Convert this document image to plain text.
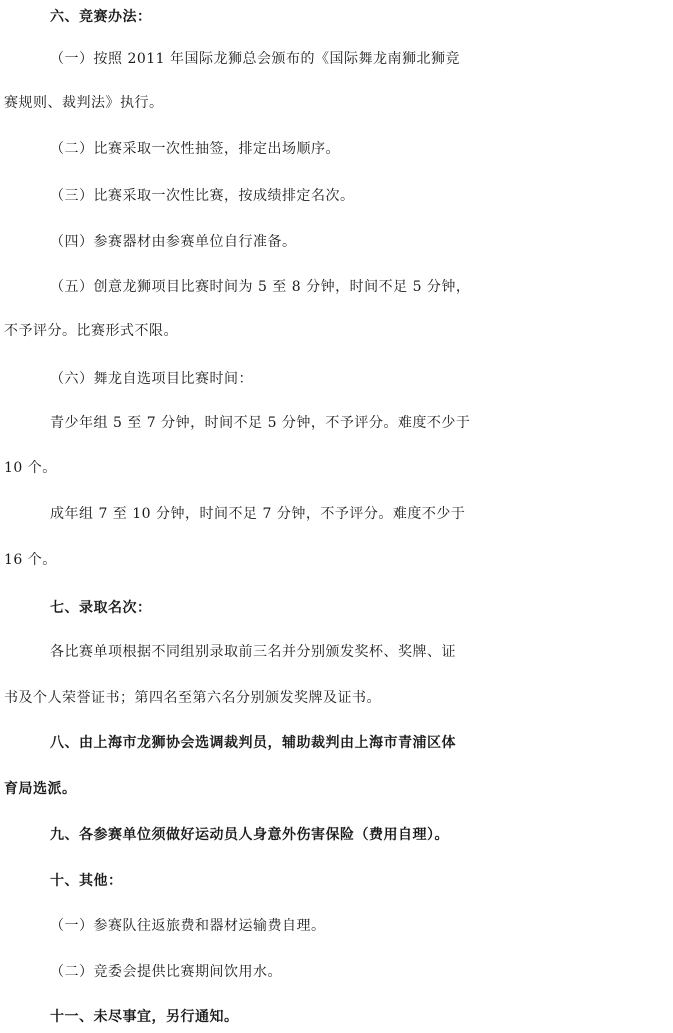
六、竞赛办法：
（一）按照 2011 年国际龙狮总会颁布的《国际舞龙南狮北狮竞
赛规则、裁判法》执行。
（二）比赛采取一次性抽签，排定出场顺序。
（三）比赛采取一次性比赛，按成绩排定名次。
（四）参赛器材由参赛单位自行准备。
（五）创意龙狮项目比赛时间为 5 至 8 分钟，时间不足 5 分钟，
不予评分。比赛形式不限。
（六）舞龙自选项目比赛时间：
青少年组 5 至 7 分钟，时间不足 5 分钟，不予评分。难度不少于
10 个。
成年组 7 至 10 分钟，时间不足 7 分钟，不予评分。难度不少于
16 个。
七、录取名次：
各比赛单项根据不同组别录取前三名并分别颁发奖杯、奖牌、证
书及个人荣誉证书；第四名至第六名分别颁发奖牌及证书。
八、由上海市龙狮协会选调裁判员，辅助裁判由上海市青浦区体
育局选派。
九、各参赛单位须做好运动员人身意外伤害保险（费用自理）。
十、其他：
（一）参赛队往返旅费和器材运输费自理。
（二）竞委会提供比赛期间饮用水。
十一、未尽事宜，另行通知。
